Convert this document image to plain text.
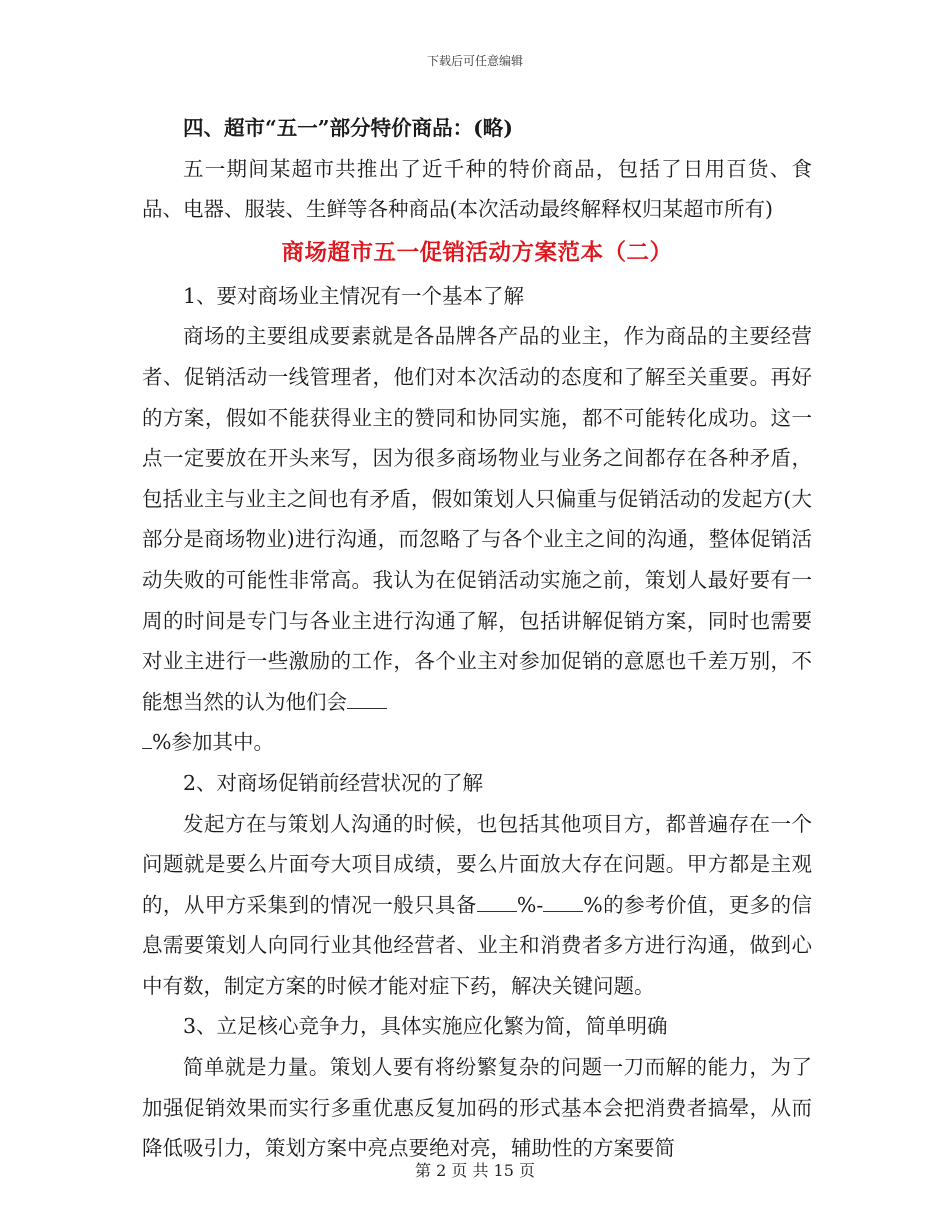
下载后可任意编辑

四、超市“五一”部分特价商品：(略)

五一期间某超市共推出了近千种的特价商品，包括了日用百货、食品、电器、服装、生鲜等各种商品(本次活动最终解释权归某超市所有)

商场超市五一促销活动方案范本（二）

1、要对商场业主情况有一个基本了解

商场的主要组成要素就是各品牌各产品的业主，作为商品的主要经营者、促销活动一线管理者，他们对本次活动的态度和了解至关重要。再好的方案，假如不能获得业主的赞同和协同实施，都不可能转化成功。这一点一定要放在开头来写，因为很多商场物业与业务之间都存在各种矛盾，包括业主与业主之间也有矛盾，假如策划人只偏重与促销活动的发起方(大部分是商场物业)进行沟通，而忽略了与各个业主之间的沟通，整体促销活动失败的可能性非常高。我认为在促销活动实施之前，策划人最好要有一周的时间是专门与各业主进行沟通了解，包括讲解促销方案，同时也需要对业主进行一些激励的工作，各个业主对参加促销的意愿也千差万别，不能想当然的认为他们会
%参加其中。

2、对商场促销前经营状况的了解

发起方在与策划人沟通的时候，也包括其他项目方，都普遍存在一个问题就是要么片面夸大项目成绩，要么片面放大存在问题。甲方都是主观的，从甲方采集到的情况一般只具备 %- %的参考价值，更多的信息需要策划人向同行业其他经营者、业主和消费者多方进行沟通，做到心中有数，制定方案的时候才能对症下药，解决关键问题。

3、立足核心竞争力，具体实施应化繁为简，简单明确

简单就是力量。策划人要有将纷繁复杂的问题一刀而解的能力，为了加强促销效果而实行多重优惠反复加码的形式基本会把消费者搞晕，从而降低吸引力，策划方案中亮点要绝对亮，辅助性的方案要简

第 2 页 共 15 页
